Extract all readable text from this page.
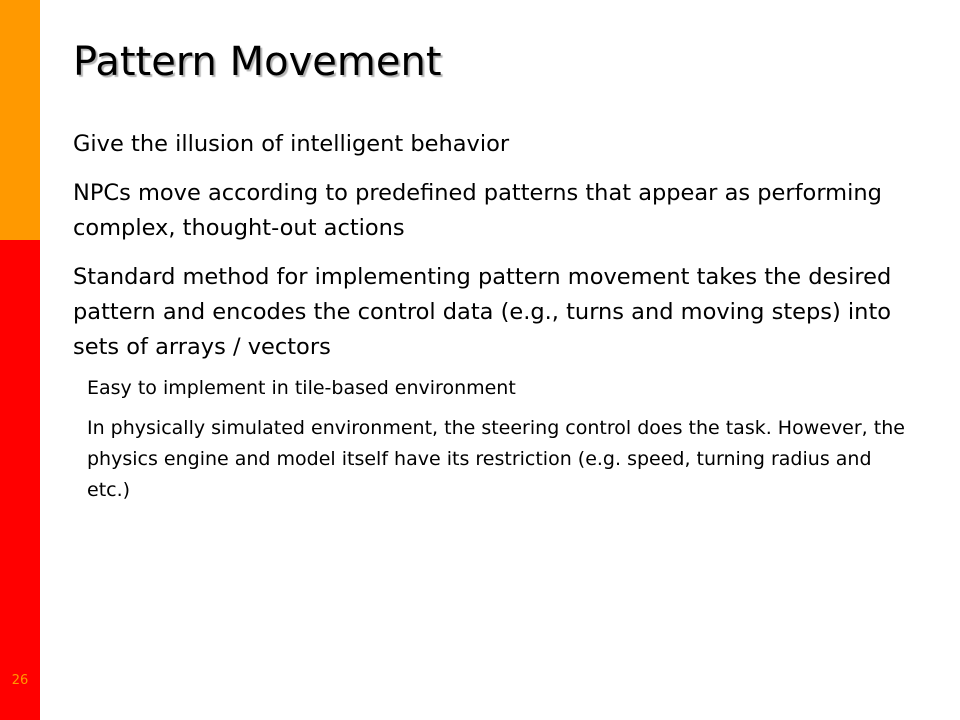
26
Pattern Movement

Give the illusion of intelligent behavior

NPCs move according to predefined patterns that appear as performing complex, thought-out actions

Standard method for implementing pattern movement takes the desired pattern and encodes the control data (e.g., turns and moving steps) into sets of arrays / vectors

Easy to implement in tile-based environment

In physically simulated environment, the steering control does the task. However, the physics engine and model itself have its restriction (e.g. speed, turning radius and etc.)
